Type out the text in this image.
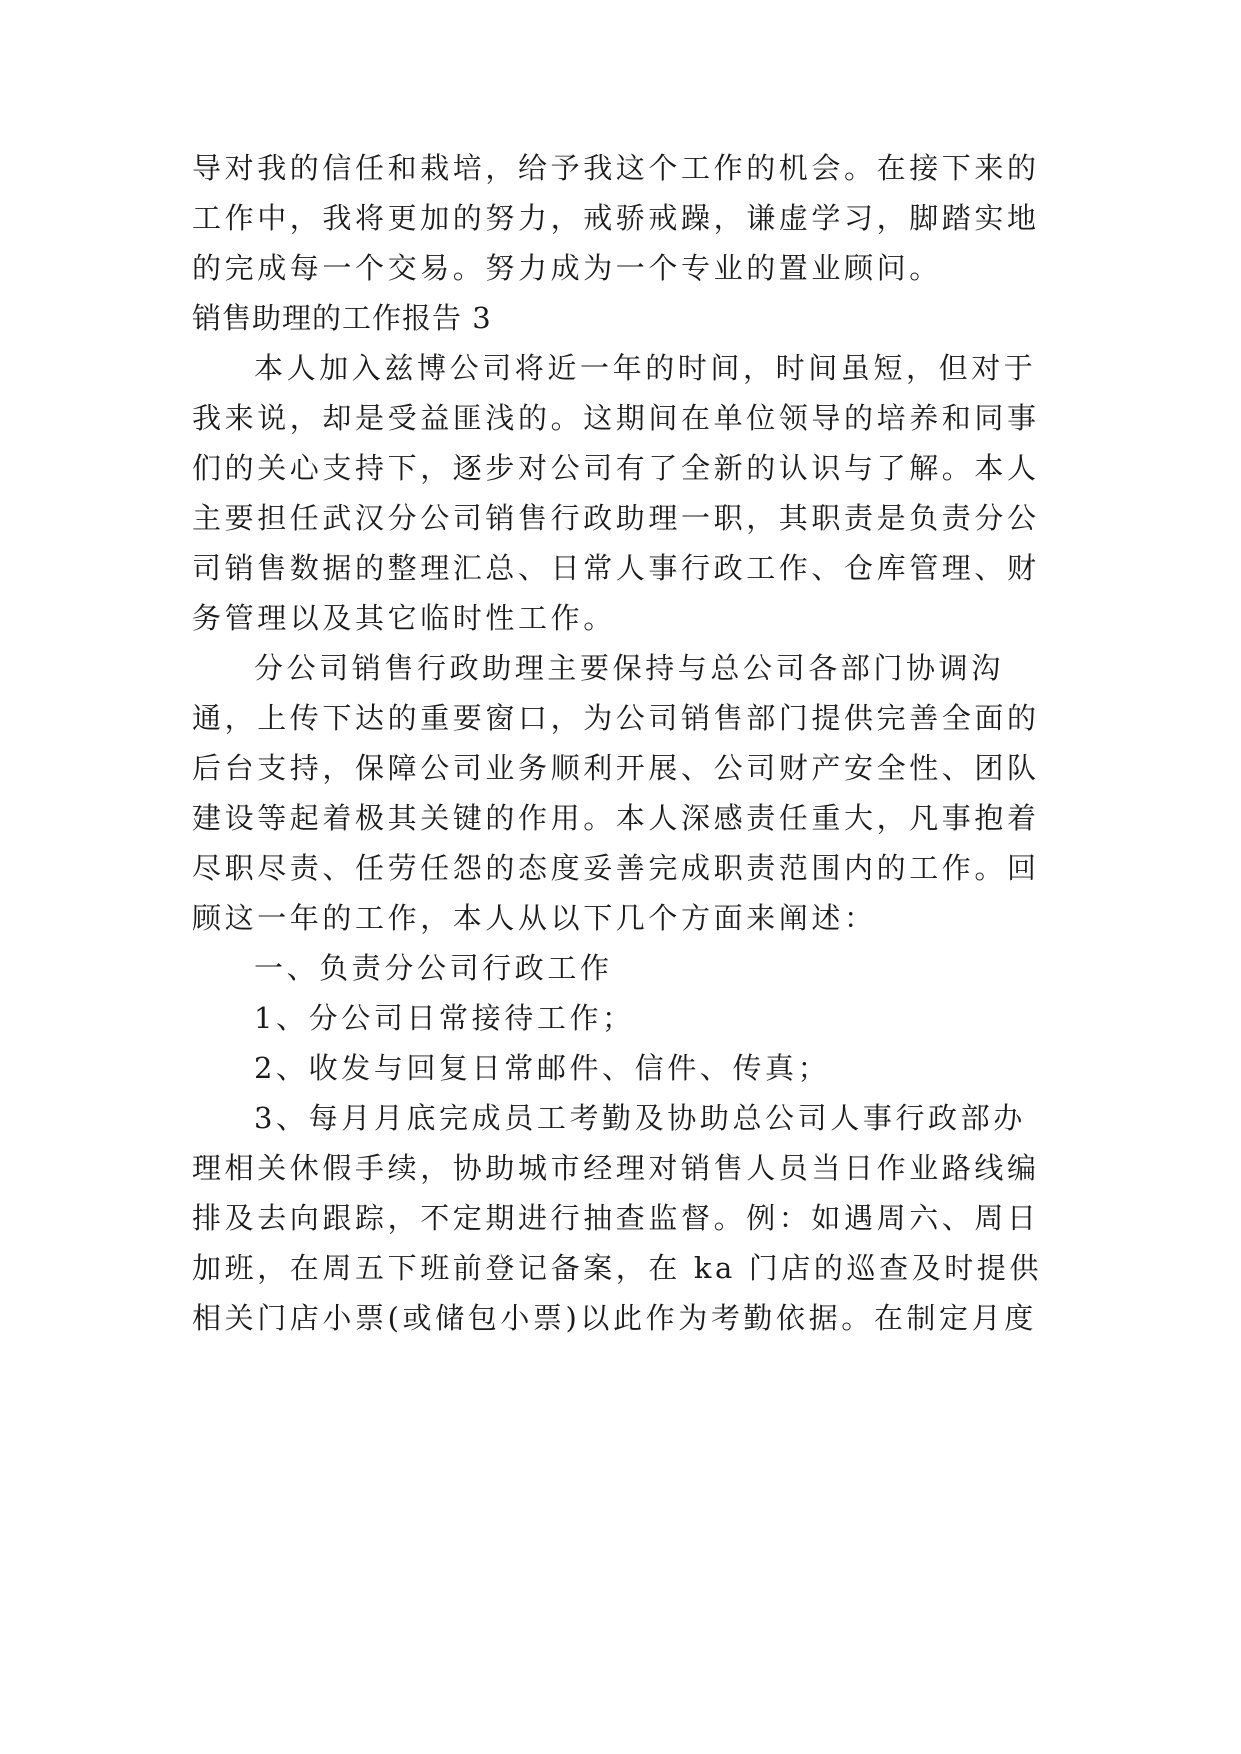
导对我的信任和栽培，给予我这个工作的机会。在接下来的
工作中，我将更加的努力，戒骄戒躁，谦虚学习，脚踏实地
的完成每一个交易。努力成为一个专业的置业顾问。
销售助理的工作报告 3
本人加入兹博公司将近一年的时间，时间虽短，但对于
我来说，却是受益匪浅的。这期间在单位领导的培养和同事
们的关心支持下，逐步对公司有了全新的认识与了解。本人
主要担任武汉分公司销售行政助理一职，其职责是负责分公
司销售数据的整理汇总、日常人事行政工作、仓库管理、财
务管理以及其它临时性工作。
分公司销售行政助理主要保持与总公司各部门协调沟
通，上传下达的重要窗口，为公司销售部门提供完善全面的
后台支持，保障公司业务顺利开展、公司财产安全性、团队
建设等起着极其关键的作用。本人深感责任重大，凡事抱着
尽职尽责、任劳任怨的态度妥善完成职责范围内的工作。回
顾这一年的工作，本人从以下几个方面来阐述：
一、负责分公司行政工作
1、分公司日常接待工作；
2、收发与回复日常邮件、信件、传真；
3、每月月底完成员工考勤及协助总公司人事行政部办
理相关休假手续，协助城市经理对销售人员当日作业路线编
排及去向跟踪，不定期进行抽查监督。例：如遇周六、周日
加班，在周五下班前登记备案，在 ka 门店的巡查及时提供
相关门店小票(或储包小票)以此作为考勤依据。在制定月度
